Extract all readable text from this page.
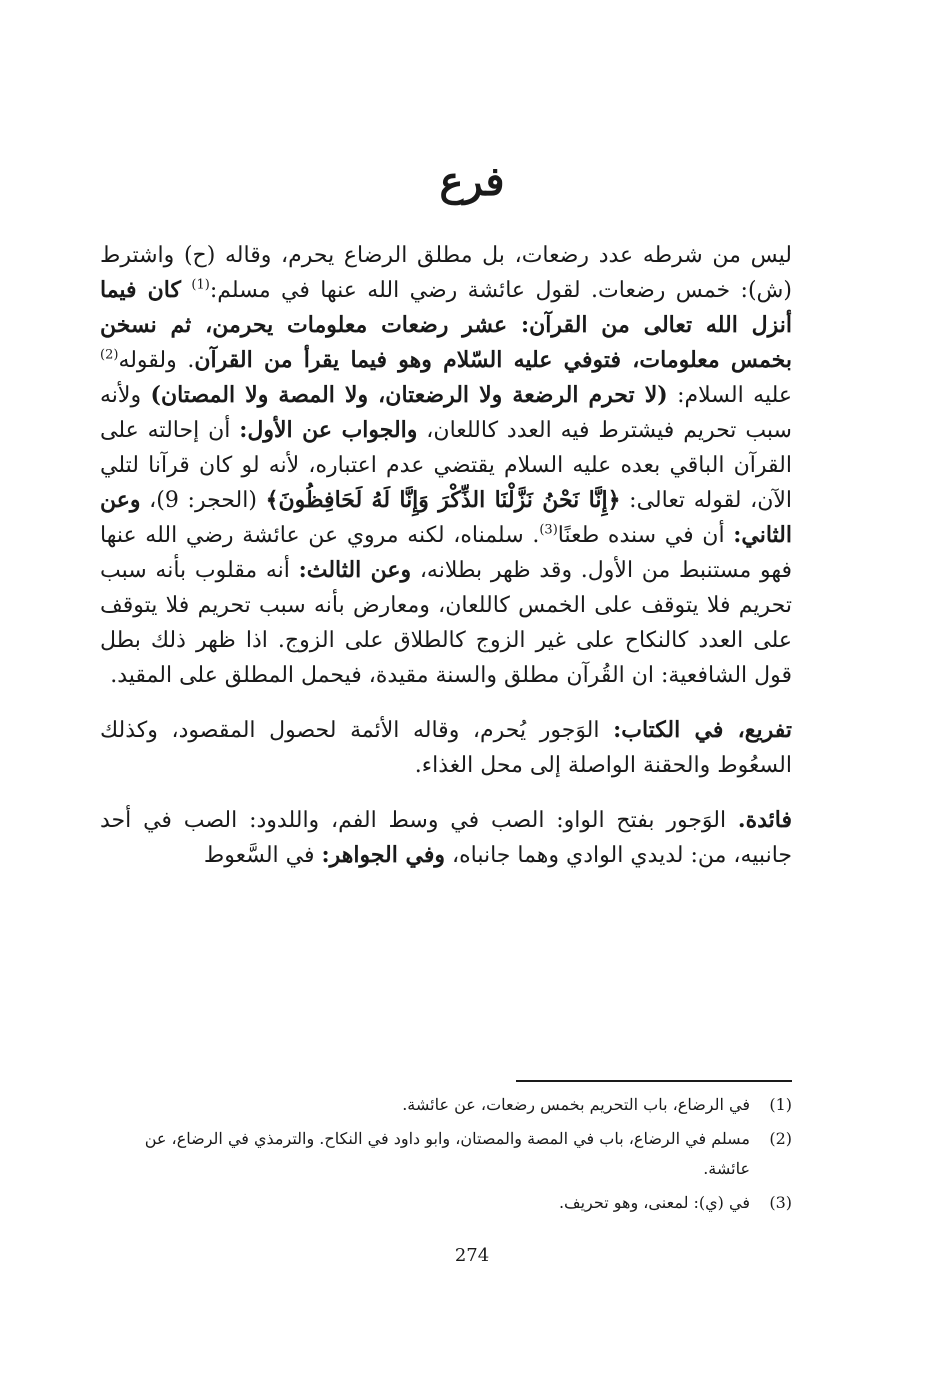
فرع

ليس من شرطه عدد رضعات، بل مطلق الرضاع يحرم، وقاله (ح) واشترط (ش): خمس رضعات. لقول عائشة رضي الله عنها في مسلم:$^{(1)}$ كان فيما أنزل الله تعالى من القرآن: عشر رضعات معلومات يحرمن، ثم نسخن بخمس معلومات، فتوفي عليه السّلام وهو فيما يقرأ من القرآن. ولقوله$^{(2)}$ عليه السلام: (لا تحرم الرضعة ولا الرضعتان، ولا المصة ولا المصتان) ولأنه سبب تحريم فيشترط فيه العدد كاللعان، والجواب عن الأول: أن إحالته على القرآن الباقي بعده عليه السلام يقتضي عدم اعتباره، لأنه لو كان قرآنا لتلي الآن، لقوله تعالى: ﴿إِنَّا نَحْنُ نَزَّلْنَا الذِّكْرَ وَإِنَّا لَهُ لَحَافِظُونَ﴾ (الحجر: 9)، وعن الثاني: أن في سنده طعنًا$^{(3)}$. سلمناه، لكنه مروي عن عائشة رضي الله عنها فهو مستنبط من الأول. وقد ظهر بطلانه، وعن الثالث: أنه مقلوب بأنه سبب تحريم فلا يتوقف على الخمس كاللعان، ومعارض بأنه سبب تحريم فلا يتوقف على العدد كالنكاح على غير الزوج كالطلاق على الزوج. اذا ظهر ذلك بطل قول الشافعية: ان القُرآن مطلق والسنة مقيدة، فيحمل المطلق على المقيد.

تفريع، في الكتاب: الوَجور يُحرم، وقاله الأئمة لحصول المقصود، وكذلك السعُوط والحقنة الواصلة إلى محل الغذاء.

فائدة. الوَجور بفتح الواو: الصب في وسط الفم، واللدود: الصب في أحد جانبيه، من: لديدي الوادي وهما جانباه، وفي الجواهر: في السَّعوط

(1)
في الرضاع، باب التحريم بخمس رضعات، عن عائشة.
(2)
مسلم في الرضاع، باب في المصة والمصتان، وابو داود في النكاح. والترمذي في الرضاع، عن عائشة.
(3)
في (ي): لمعنى، وهو تحريف.
274
